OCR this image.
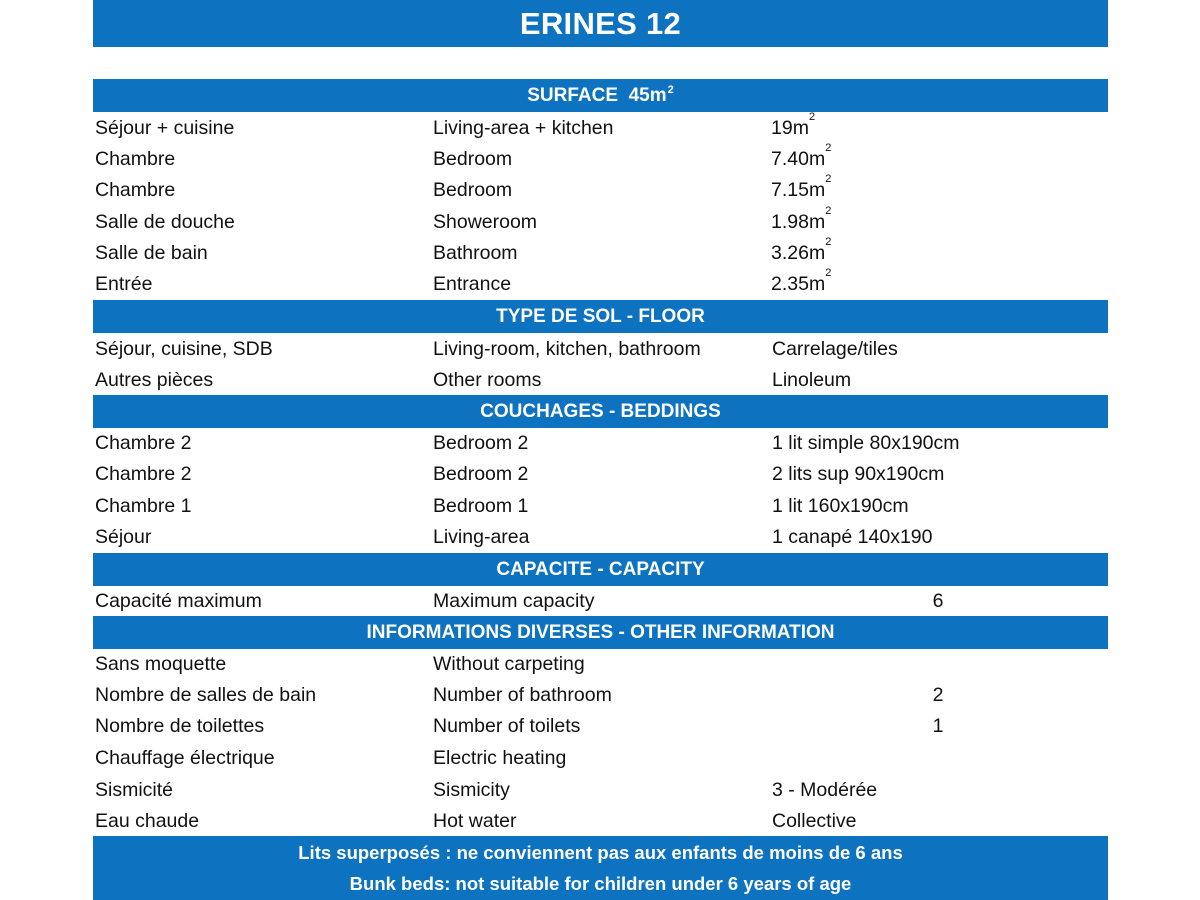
ERINES 12
SURFACE  $45m^2$
Séjour + cuisine	Living-area + kitchen	$19m^2$
Chambre	Bedroom	$7.40m^2$
Chambre	Bedroom	$7.15m^2$
Salle de douche	Showeroom	$1.98m^2$
Salle de bain	Bathroom	$3.26m^2$
Entrée	Entrance	$2.35m^2$
TYPE DE SOL - FLOOR
Séjour, cuisine, SDB	Living-room, kitchen, bathroom	Carrelage/tiles
Autres pièces	Other rooms	Linoleum
COUCHAGES - BEDDINGS
Chambre 2	Bedroom 2	1 lit simple 80x190cm
Chambre 2	Bedroom 2	2 lits sup 90x190cm
Chambre 1	Bedroom 1	1 lit 160x190cm
Séjour	Living-area	1 canapé 140x190
CAPACITE - CAPACITY
Capacité maximum	Maximum capacity	6
INFORMATIONS DIVERSES - OTHER INFORMATION
Sans moquette	Without carpeting
Nombre de salles de bain	Number of bathroom	2
Nombre de toilettes	Number of toilets	1
Chauffage électrique	Electric heating
Sismicité	Sismicity	3 - Modérée
Eau chaude	Hot water	Collective
Lits superposés : ne conviennent pas aux enfants de moins de 6 ans
Bunk beds: not suitable for children under 6 years of age
